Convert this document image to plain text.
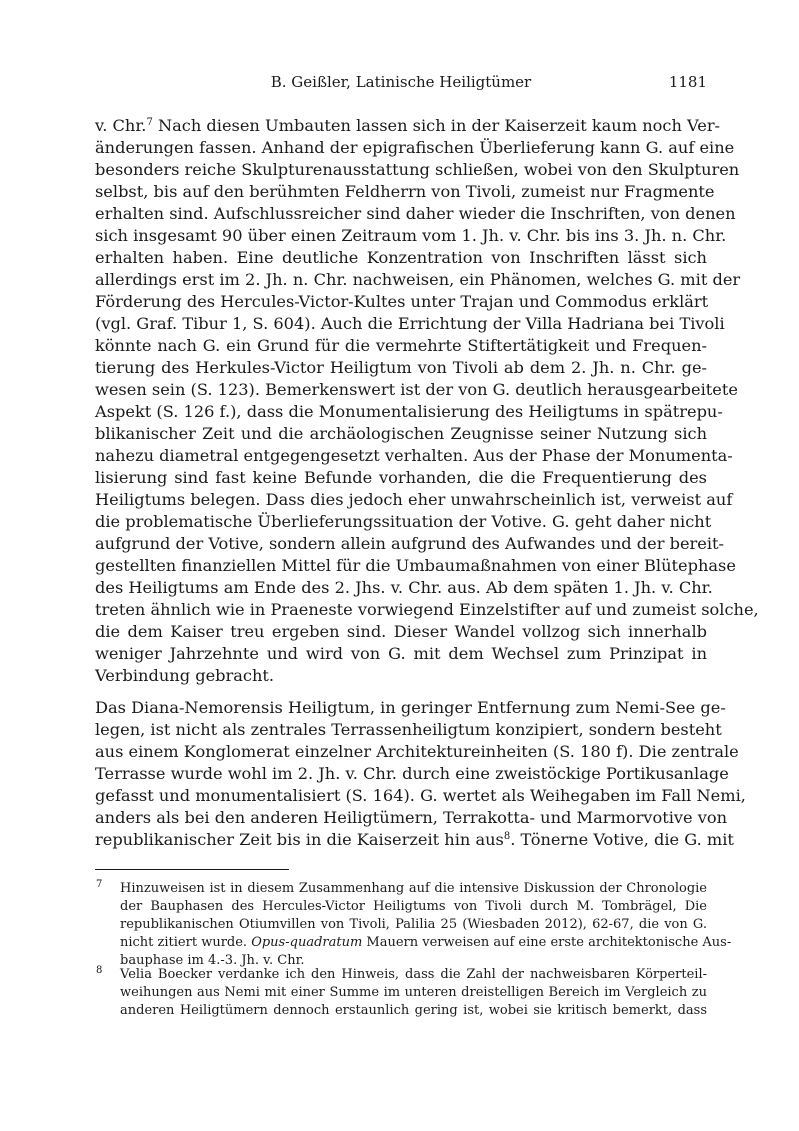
B. Geißler, Latinische Heiligtümer	1181
v. Chr.$^7$ Nach diesen Umbauten lassen sich in der Kaiserzeit kaum noch Ver-
änderungen fassen. Anhand der epigrafischen Überlieferung kann G. auf eine
besonders reiche Skulpturenausstattung schließen, wobei von den Skulpturen
selbst, bis auf den berühmten Feldherrn von Tivoli, zumeist nur Fragmente
erhalten sind. Aufschlussreicher sind daher wieder die Inschriften, von denen
sich insgesamt 90 über einen Zeitraum vom 1. Jh. v. Chr. bis ins 3. Jh. n. Chr.
erhalten haben. Eine deutliche Konzentration von Inschriften lässt sich
allerdings erst im 2. Jh. n. Chr. nachweisen, ein Phänomen, welches G. mit der
Förderung des Hercules-Victor-Kultes unter Trajan und Commodus erklärt
(vgl. Graf. Tibur 1, S. 604). Auch die Errichtung der Villa Hadriana bei Tivoli
könnte nach G. ein Grund für die vermehrte Stiftertätigkeit und Frequen-
tierung des Herkules-Victor Heiligtum von Tivoli ab dem 2. Jh. n. Chr. ge-
wesen sein (S. 123). Bemerkenswert ist der von G. deutlich herausgearbeitete
Aspekt (S. 126 f.), dass die Monumentalisierung des Heiligtums in spätrepu-
blikanischer Zeit und die archäologischen Zeugnisse seiner Nutzung sich
nahezu diametral entgegengesetzt verhalten. Aus der Phase der Monumenta-
lisierung sind fast keine Befunde vorhanden, die die Frequentierung des
Heiligtums belegen. Dass dies jedoch eher unwahrscheinlich ist, verweist auf
die problematische Überlieferungssituation der Votive. G. geht daher nicht
aufgrund der Votive, sondern allein aufgrund des Aufwandes und der bereit-
gestellten finanziellen Mittel für die Umbaumaßnahmen von einer Blütephase
des Heiligtums am Ende des 2. Jhs. v. Chr. aus. Ab dem späten 1. Jh. v. Chr.
treten ähnlich wie in Praeneste vorwiegend Einzelstifter auf und zumeist solche,
die dem Kaiser treu ergeben sind. Dieser Wandel vollzog sich innerhalb
weniger Jahrzehnte und wird von G. mit dem Wechsel zum Prinzipat in
Verbindung gebracht.
Das Diana-Nemorensis Heiligtum, in geringer Entfernung zum Nemi-See ge-
legen, ist nicht als zentrales Terrassenheiligtum konzipiert, sondern besteht
aus einem Konglomerat einzelner Architektureinheiten (S. 180 f). Die zentrale
Terrasse wurde wohl im 2. Jh. v. Chr. durch eine zweistöckige Portikusanlage
gefasst und monumentalisiert (S. 164). G. wertet als Weihegaben im Fall Nemi,
anders als bei den anderen Heiligtümern, Terrakotta- und Marmorvotive von
republikanischer Zeit bis in die Kaiserzeit hin aus$^8$. Tönerne Votive, die G. mit
7 Hinzuweisen ist in diesem Zusammenhang auf die intensive Diskussion der Chronologie
der Bauphasen des Hercules-Victor Heiligtums von Tivoli durch M. Tombrägel, Die
republikanischen Otiumvillen von Tivoli, Palilia 25 (Wiesbaden 2012), 62-67, die von G.
nicht zitiert wurde. Opus-quadratum Mauern verweisen auf eine erste architektonische Aus-
bauphase im 4.-3. Jh. v. Chr.
8 Velia Boecker verdanke ich den Hinweis, dass die Zahl der nachweisbaren Körperteil-
weihungen aus Nemi mit einer Summe im unteren dreistelligen Bereich im Vergleich zu
anderen Heiligtümern dennoch erstaunlich gering ist, wobei sie kritisch bemerkt, dass
